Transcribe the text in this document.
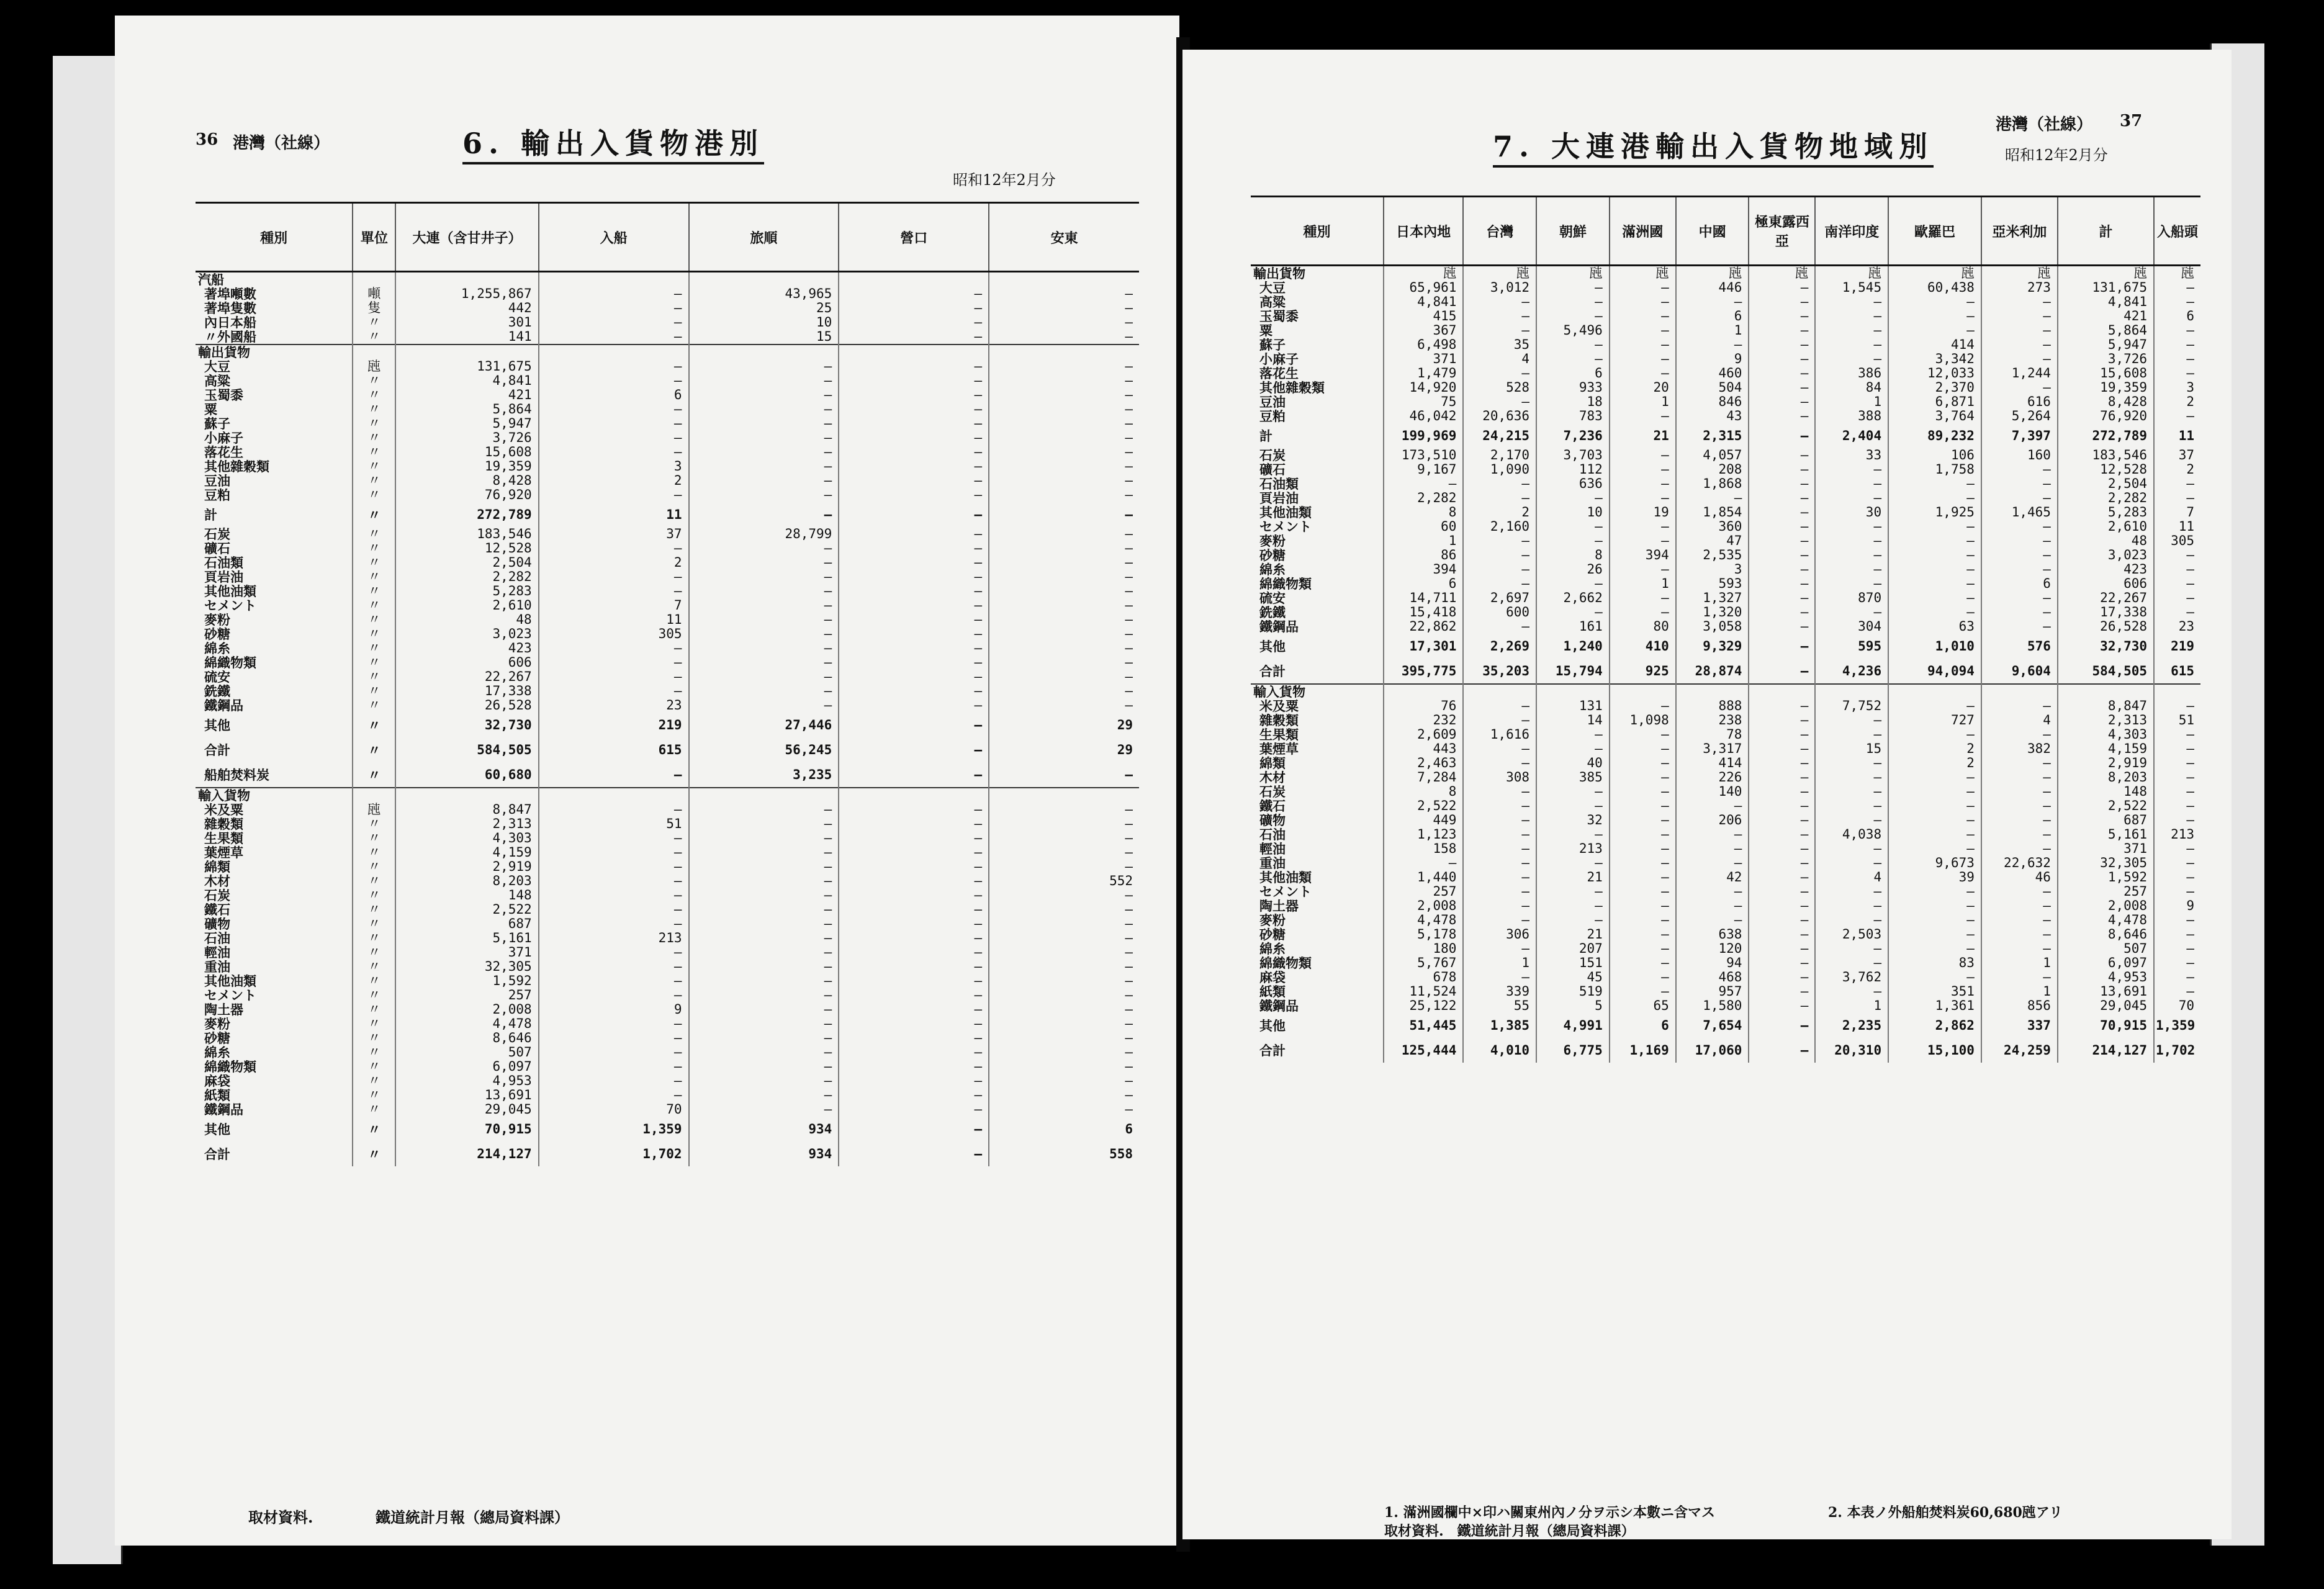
36 港灣（社線）	6. 輸出入貨物港別
昭和12年2月分
種別	單位	大連（含甘井子）	入船	旅順	營口	安東
汽船						
著埠噸數	噸	1,255,867	—	43,965	—	—
著埠隻數	隻	442	—	25	—	—
內日本船	〃	301	—	10	—	—
〃外國船	〃	141	—	15	—	—
輸出貨物						
大豆	瓲	131,675	—	—	—	—
高粱	〃	4,841	—	—	—	—
玉蜀黍	〃	421	6	—	—	—
粟	〃	5,864	—	—	—	—
蘇子	〃	5,947	—	—	—	—
小麻子	〃	3,726	—	—	—	—
落花生	〃	15,608	—	—	—	—
其他雜穀類	〃	19,359	3	—	—	—
豆油	〃	8,428	2	—	—	—
豆粕	〃	76,920	—	—	—	—
計	〃	272,789	11	—	—	—
石炭	〃	183,546	37	28,799	—	—
礦石	〃	12,528	—	—	—	—
石油類	〃	2,504	2	—	—	—
頁岩油	〃	2,282	—	—	—	—
其他油類	〃	5,283	—	—	—	—
セメント	〃	2,610	7	—	—	—
麥粉	〃	48	11	—	—	—
砂糖	〃	3,023	305	—	—	—
綿糸	〃	423	—	—	—	—
綿織物類	〃	606	—	—	—	—
硫安	〃	22,267	—	—	—	—
銑鐵	〃	17,338	—	—	—	—
鐵鋼品	〃	26,528	23	—	—	—
其他	〃	32,730	219	27,446	—	29
合計	〃	584,505	615	56,245	—	29
船舶焚料炭	〃	60,680	—	3,235	—	—
輸入貨物						
米及粟	瓲	8,847	—	—	—	—
雜穀類	〃	2,313	51	—	—	—
生果類	〃	4,303	—	—	—	—
葉煙草	〃	4,159	—	—	—	—
綿類	〃	2,919	—	—	—	—
木材	〃	8,203	—	—	—	552
石炭	〃	148	—	—	—	—
鐵石	〃	2,522	—	—	—	—
礦物	〃	687	—	—	—	—
石油	〃	5,161	213	—	—	—
輕油	〃	371	—	—	—	—
重油	〃	32,305	—	—	—	—
其他油類	〃	1,592	—	—	—	—
セメント	〃	257	—	—	—	—
陶土器	〃	2,008	9	—	—	—
麥粉	〃	4,478	—	—	—	—
砂糖	〃	8,646	—	—	—	—
綿糸	〃	507	—	—	—	—
綿織物類	〃	6,097	—	—	—	—
麻袋	〃	4,953	—	—	—	—
紙類	〃	13,691	—	—	—	—
鐵鋼品	〃	29,045	70	—	—	—
其他	〃	70,915	1,359	934	—	6
合計	〃	214,127	1,702	934	—	558
取材資料.	鐵道統計月報（總局資料課）
港灣（社線） 37
7. 大連港輸出入貨物地域別	昭和12年2月分
種別	日本內地	台灣	朝鮮	滿洲國	中國	極東露西亞	南洋印度	歐羅巴	亞米利加	計	入船頭
輸出貨物	瓲	瓲	瓲	瓲	瓲	瓲	瓲	瓲	瓲	瓲	瓲
大豆	65,961	3,012	—	—	446	—	1,545	60,438	273	131,675	—
高粱	4,841	—	—	—	—	—	—	—	—	4,841	—
玉蜀黍	415	—	—	—	6	—	—	—	—	421	6
粟	367	—	5,496	—	1	—	—	—	—	5,864	—
蘇子	6,498	35	—	—	—	—	—	414	—	5,947	—
小麻子	371	4	—	—	9	—	—	3,342	—	3,726	—
落花生	1,479	—	6	—	460	—	386	12,033	1,244	15,608	—
其他雜穀類	14,920	528	933	20	504	—	84	2,370	—	19,359	3
豆油	75	—	18	1	846	—	1	6,871	616	8,428	2
豆粕	46,042	20,636	783	—	43	—	388	3,764	5,264	76,920	—
計	199,969	24,215	7,236	21	2,315	—	2,404	89,232	7,397	272,789	11
石炭	173,510	2,170	3,703	—	4,057	—	33	106	160	183,546	37
礦石	9,167	1,090	112	—	208	—	—	1,758	—	12,528	2
石油類	—	—	636	—	1,868	—	—	—	—	2,504	—
頁岩油	2,282	—	—	—	—	—	—	—	—	2,282	—
其他油類	8	2	10	19	1,854	—	30	1,925	1,465	5,283	7
セメント	60	2,160	—	—	360	—	—	—	—	2,610	11
麥粉	1	—	—	—	47	—	—	—	—	48	305
砂糖	86	—	8	394	2,535	—	—	—	—	3,023	—
綿糸	394	—	26	—	3	—	—	—	—	423	—
綿織物類	6	—	—	1	593	—	—	—	6	606	—
硫安	14,711	2,697	2,662	—	1,327	—	870	—	—	22,267	—
銑鐵	15,418	600	—	—	1,320	—	—	—	—	17,338	—
鐵鋼品	22,862	—	161	80	3,058	—	304	63	—	26,528	23
其他	17,301	2,269	1,240	410	9,329	—	595	1,010	576	32,730	219
合計	395,775	35,203	15,794	925	28,874	—	4,236	94,094	9,604	584,505	615
輸入貨物											
米及粟	76	—	131	—	888	—	7,752	—	—	8,847	—
雜穀類	232	—	14	1,098	238	—	—	727	4	2,313	51
生果類	2,609	1,616	—	—	78	—	—	—	—	4,303	—
葉煙草	443	—	—	—	3,317	—	15	2	382	4,159	—
綿類	2,463	—	40	—	414	—	—	2	—	2,919	—
木材	7,284	308	385	—	226	—	—	—	—	8,203	—
石炭	8	—	—	—	140	—	—	—	—	148	—
鐵石	2,522	—	—	—	—	—	—	—	—	2,522	—
礦物	449	—	32	—	206	—	—	—	—	687	—
石油	1,123	—	—	—	—	—	4,038	—	—	5,161	213
輕油	158	—	213	—	—	—	—	—	—	371	—
重油	—	—	—	—	—	—	—	9,673	22,632	32,305	—
其他油類	1,440	—	21	—	42	—	4	39	46	1,592	—
セメント	257	—	—	—	—	—	—	—	—	257	—
陶土器	2,008	—	—	—	—	—	—	—	—	2,008	9
麥粉	4,478	—	—	—	—	—	—	—	—	4,478	—
砂糖	5,178	306	21	—	638	—	2,503	—	—	8,646	—
綿糸	180	—	207	—	120	—	—	—	—	507	—
綿織物類	5,767	1	151	—	94	—	—	83	1	6,097	—
麻袋	678	—	45	—	468	—	3,762	—	—	4,953	—
紙類	11,524	339	519	—	957	—	—	351	1	13,691	—
鐵鋼品	25,122	55	5	65	1,580	—	1	1,361	856	29,045	70
其他	51,445	1,385	4,991	6	7,654	—	2,235	2,862	337	70,915	1,359
合計	125,444	4,010	6,775	1,169	17,060	—	20,310	15,100	24,259	214,127	1,702
1. 滿洲國欄中×印ハ關東州內ノ分ヲ示シ本數ニ含マス	2. 本表ノ外船舶焚料炭60,680瓲アリ
取材資料.　鐵道統計月報（總局資料課）
